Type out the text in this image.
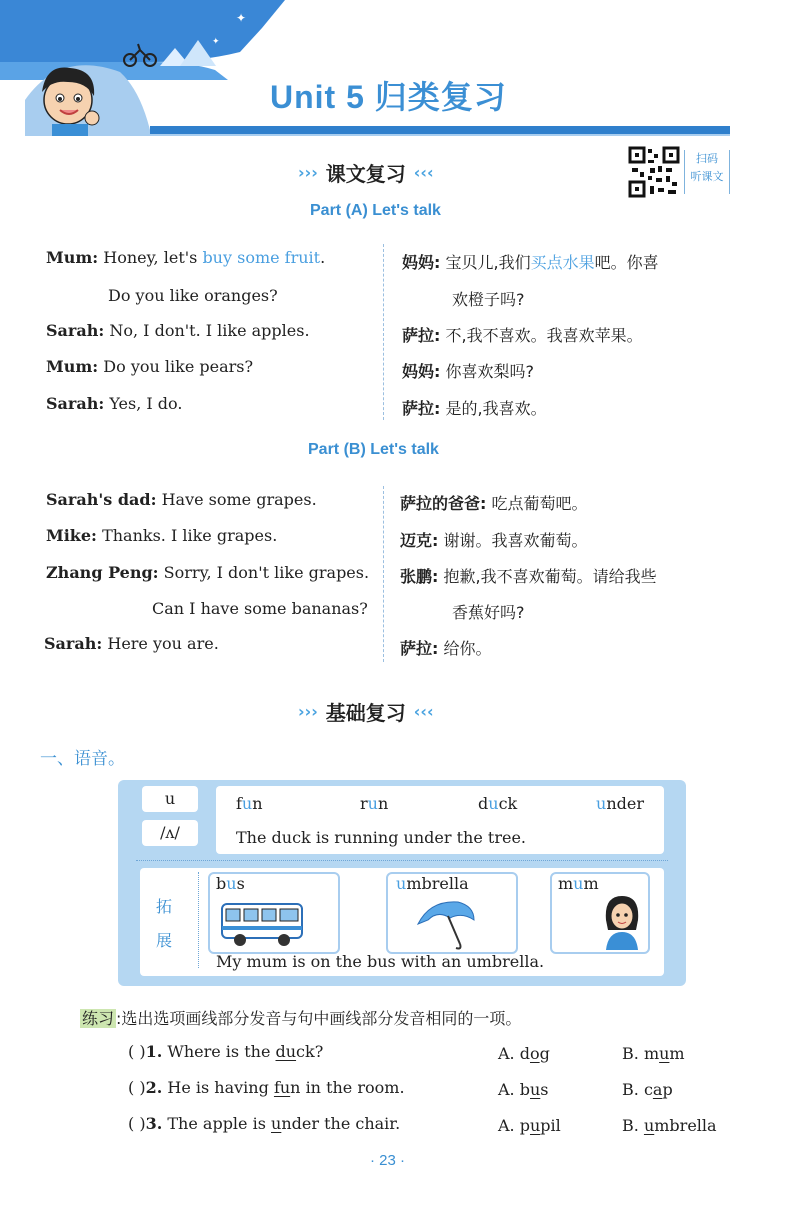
✦
✦
Unit 5 归类复习
››› 课文复习 ‹‹‹
扫码
听课文
Part (A) Let's talk
Mum: Honey, let's buy some fruit.
Do you like oranges?
Sarah: No, I don't. I like apples.
Mum: Do you like pears?
Sarah: Yes, I do.
妈妈: 宝贝儿,我们买点水果吧。你喜
欢橙子吗?
萨拉: 不,我不喜欢。我喜欢苹果。
妈妈: 你喜欢梨吗?
萨拉: 是的,我喜欢。
Part (B) Let's talk
Sarah's dad: Have some grapes.
Mike: Thanks. I like grapes.
Zhang Peng: Sorry, I don't like grapes.
Can I have some bananas?
Sarah: Here you are.
萨拉的爸爸: 吃点葡萄吧。
迈克: 谢谢。我喜欢葡萄。
张鹏: 抱歉,我不喜欢葡萄。请给我些
香蕉好吗?
萨拉: 给你。
››› 基础复习 ‹‹‹
一、语音。
u
/ʌ/
fun	run	duck	under
The duck is running under the tree.
拓
展
bus	umbrella	mum
My mum is on the bus with an umbrella.
练习 :选出选项画线部分发音与句中画线部分发音相同的一项。
( )1. Where is the duck?	A. dog	B. mum
( )2. He is having fun in the room.	A. bus	B. cap
( )3. The apple is under the chair.	A. pupil	B. umbrella
· 23 ·
